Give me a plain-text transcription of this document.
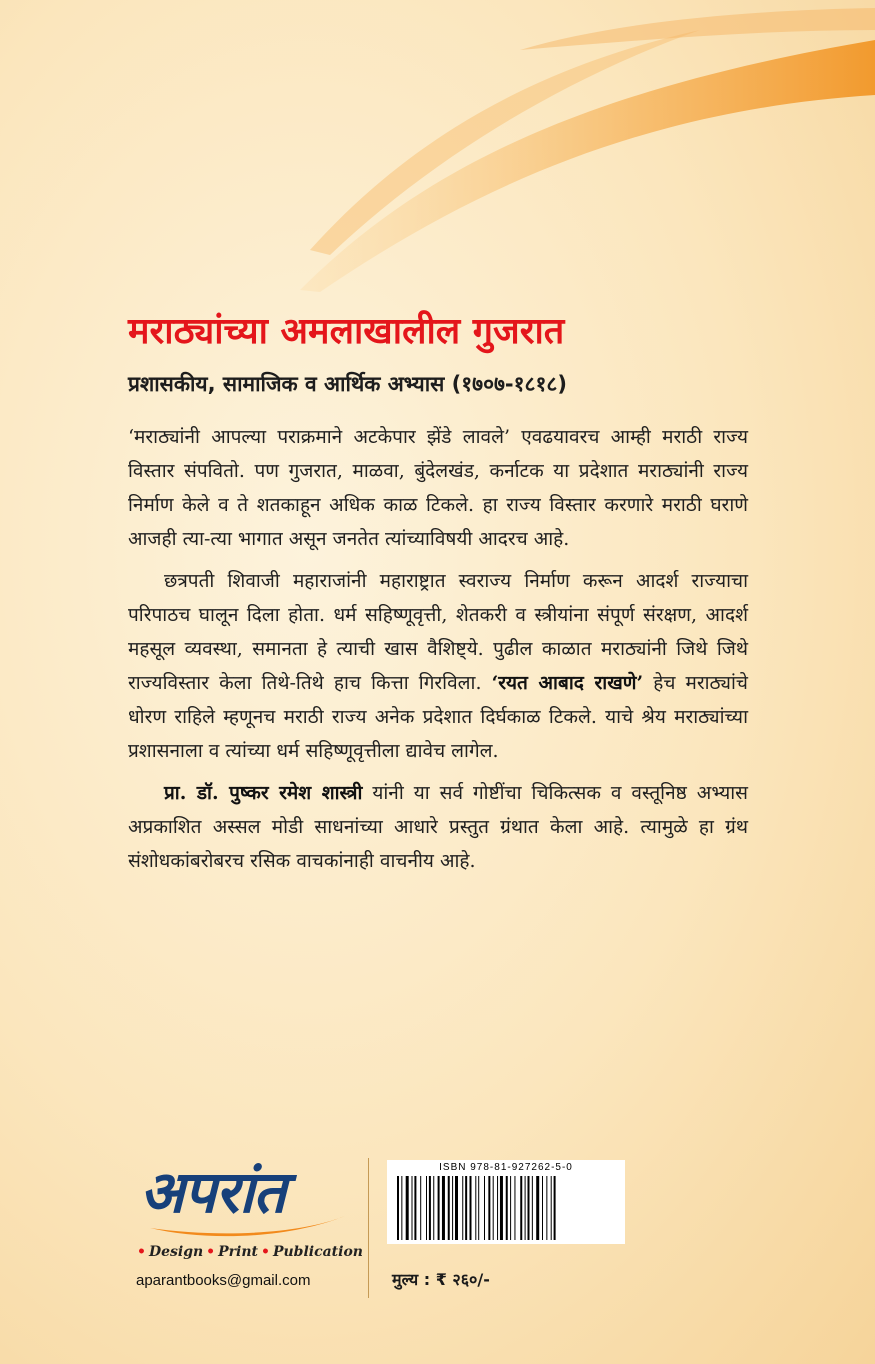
मराठ्यांच्या अमलाखालील गुजरात
प्रशासकीय, सामाजिक व आर्थिक अभ्यास (१७०७-१८१८)

‘मराठ्यांनी आपल्या पराक्रमाने अटकेपार झेंडे लावले’ एवढयावरच आम्ही मराठी राज्य विस्तार संपवितो. पण गुजरात, माळवा, बुंदेलखंड, कर्नाटक या प्रदेशात मराठ्यांनी राज्य निर्माण केले व ते शतकाहून अधिक काळ टिकले. हा राज्य विस्तार करणारे मराठी घराणे आजही त्या-त्या भागात असून जनतेत त्यांच्याविषयी आदरच आहे.

छत्रपती शिवाजी महाराजांनी महाराष्ट्रात स्वराज्य निर्माण करून आदर्श राज्याचा परिपाठच घालून दिला होता. धर्म सहिष्णूवृत्ती, शेतकरी व स्त्रीयांना संपूर्ण संरक्षण, आदर्श महसूल व्यवस्था, समानता हे त्याची खास वैशिष्ट्ये. पुढील काळात मराठ्यांनी जिथे जिथे राज्यविस्तार केला तिथे-तिथे हाच कित्ता गिरविला. ‘रयत आबाद राखणे’ हेच मराठ्यांचे धोरण राहिले म्हणूनच मराठी राज्य अनेक प्रदेशात दिर्घकाळ टिकले. याचे श्रेय मराठ्यांच्या प्रशासनाला व त्यांच्या धर्म सहिष्णूवृत्तीला द्यावेच लागेल.

प्रा. डॉ. पुष्कर रमेश शास्त्री यांनी या सर्व गोष्टींचा चिकित्सक व वस्तूनिष्ठ अभ्यास अप्रकाशित अस्सल मोडी साधनांच्या आधारे प्रस्तुत ग्रंथात केला आहे. त्यामुळे हा ग्रंथ संशोधकांबरोबरच रसिक वाचकांनाही वाचनीय आहे.

अपरांत
• Design • Print • Publication
aparantbooks@gmail.com
ISBN 978-81-927262-5-0
मुल्य : ₹ २६०/-
